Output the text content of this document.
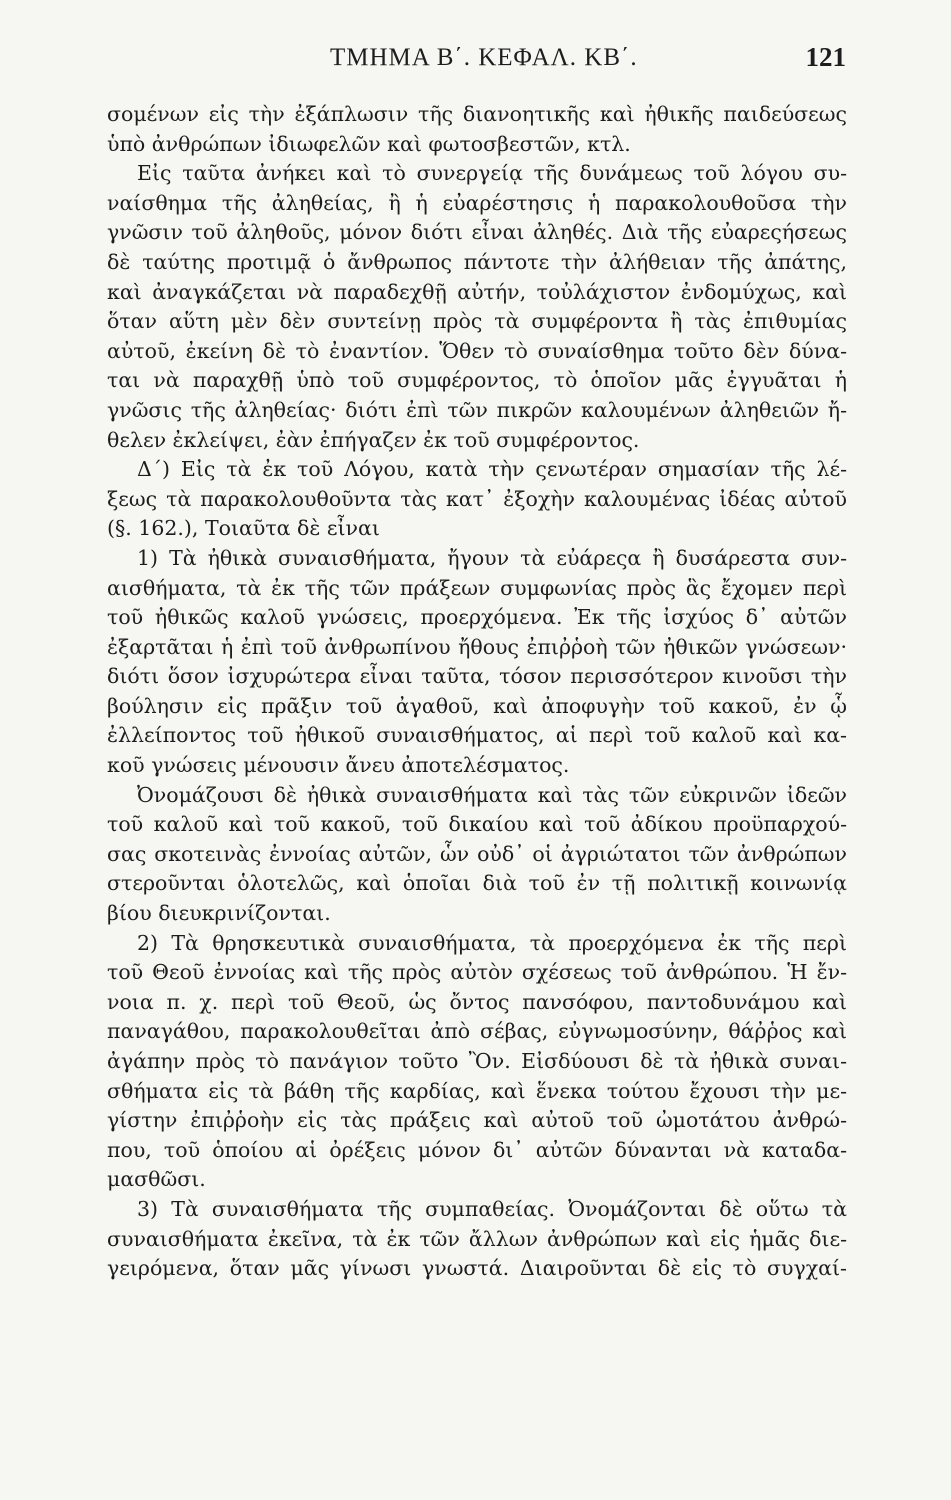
ΤΜΗΜΑ Β΄. ΚΕΦΑΛ. ΚΒ΄.	121
σομένων εἰς τὴν ἐξάπλωσιν τῆς διανοητικῆς καὶ ἠθικῆς παιδεύσεως
ὑπὸ ἀνθρώπων ἰδιωφελῶν καὶ φωτοσβεστῶν, κτλ.
Εἰς ταῦτα ἀνήκει καὶ τὸ συνεργείᾳ τῆς δυνάμεως τοῦ λόγου συ-
ναίσθημα τῆς ἀληθείας, ἢ ἡ εὐαρέστησις ἡ παρακολουθοῦσα τὴν
γνῶσιν τοῦ ἀληθοῦς, μόνον διότι εἶναι ἀληθές. Διὰ τῆς εὐαρεςήσεως
δὲ ταύτης προτιμᾷ ὁ ἄνθρωπος πάντοτε τὴν ἀλήθειαν τῆς ἀπάτης,
καὶ ἀναγκάζεται νὰ παραδεχθῇ αὐτήν, τοὐλάχιστον ἐνδομύχως, καὶ
ὅταν αὕτη μὲν δὲν συντείνῃ πρὸς τὰ συμφέροντα ἢ τὰς ἐπιθυμίας
αὐτοῦ, ἐκείνη δὲ τὸ ἐναντίον. Ὅθεν τὸ συναίσθημα τοῦτο δὲν δύνα-
ται νὰ παραχθῇ ὑπὸ τοῦ συμφέροντος, τὸ ὁποῖον μᾶς ἐγγυᾶται ἡ
γνῶσις τῆς ἀληθείας· διότι ἐπὶ τῶν πικρῶν καλουμένων ἀληθειῶν ἤ-
θελεν ἐκλείψει, ἐὰν ἐπήγαζεν ἐκ τοῦ συμφέροντος.
Δ΄) Εἰς τὰ ἐκ τοῦ Λόγου, κατὰ τὴν ςενωτέραν σημασίαν τῆς λέ-
ξεως τὰ παρακολουθοῦντα τὰς κατ᾽ ἐξοχὴν καλουμένας ἰδέας αὐτοῦ
(§. 162.), Τοιαῦτα δὲ εἶναι
1) Τὰ ἠθικὰ συναισθήματα, ἤγουν τὰ εὐάρεςα ἢ δυσάρεστα συν-
αισθήματα, τὰ ἐκ τῆς τῶν πράξεων συμφωνίας πρὸς ἃς ἔχομεν περὶ
τοῦ ἠθικῶς καλοῦ γνώσεις, προερχόμενα. Ἐκ τῆς ἰσχύος δ᾽ αὐτῶν
ἐξαρτᾶται ἡ ἐπὶ τοῦ ἀνθρωπίνου ἤθους ἐπιῤῥοὴ τῶν ἠθικῶν γνώσεων·
διότι ὅσον ἰσχυρώτερα εἶναι ταῦτα, τόσον περισσότερον κινοῦσι τὴν
βούλησιν εἰς πρᾶξιν τοῦ ἀγαθοῦ, καὶ ἀποφυγὴν τοῦ κακοῦ, ἐν ᾧ
ἐλλείποντος τοῦ ἠθικοῦ συναισθήματος, αἱ περὶ τοῦ καλοῦ καὶ κα-
κοῦ γνώσεις μένουσιν ἄνευ ἀποτελέσματος.
Ὀνομάζουσι δὲ ἠθικὰ συναισθήματα καὶ τὰς τῶν εὐκρινῶν ἰδεῶν
τοῦ καλοῦ καὶ τοῦ κακοῦ, τοῦ δικαίου καὶ τοῦ ἀδίκου προϋπαρχού-
σας σκοτεινὰς ἐννοίας αὐτῶν, ὧν οὐδ᾽ οἱ ἀγριώτατοι τῶν ἀνθρώπων
στεροῦνται ὁλοτελῶς, καὶ ὁποῖαι διὰ τοῦ ἐν τῇ πολιτικῇ κοινωνίᾳ
βίου διευκρινίζονται.
2) Τὰ θρησκευτικὰ συναισθήματα, τὰ προερχόμενα ἐκ τῆς περὶ
τοῦ Θεοῦ ἐννοίας καὶ τῆς πρὸς αὐτὸν σχέσεως τοῦ ἀνθρώπου. Ἡ ἔν-
νοια π. χ. περὶ τοῦ Θεοῦ, ὡς ὄντος πανσόφου, παντοδυνάμου καὶ
παναγάθου, παρακολουθεῖται ἀπὸ σέβας, εὐγνωμοσύνην, θάῤῥος καὶ
ἀγάπην πρὸς τὸ πανάγιον τοῦτο Ὂν. Εἰσδύουσι δὲ τὰ ἠθικὰ συναι-
σθήματα εἰς τὰ βάθη τῆς καρδίας, καὶ ἕνεκα τούτου ἔχουσι τὴν με-
γίστην ἐπιῤῥοὴν εἰς τὰς πράξεις καὶ αὐτοῦ τοῦ ὠμοτάτου ἀνθρώ-
που, τοῦ ὁποίου αἱ ὀρέξεις μόνον δι᾽ αὐτῶν δύνανται νὰ καταδα-
μασθῶσι.
3) Τὰ συναισθήματα τῆς συμπαθείας. Ὀνομάζονται δὲ οὕτω τὰ
συναισθήματα ἐκεῖνα, τὰ ἐκ τῶν ἄλλων ἀνθρώπων καὶ εἰς ἡμᾶς διε-
γειρόμενα, ὅταν μᾶς γίνωσι γνωστά. Διαιροῦνται δὲ εἰς τὸ συγχαί-
